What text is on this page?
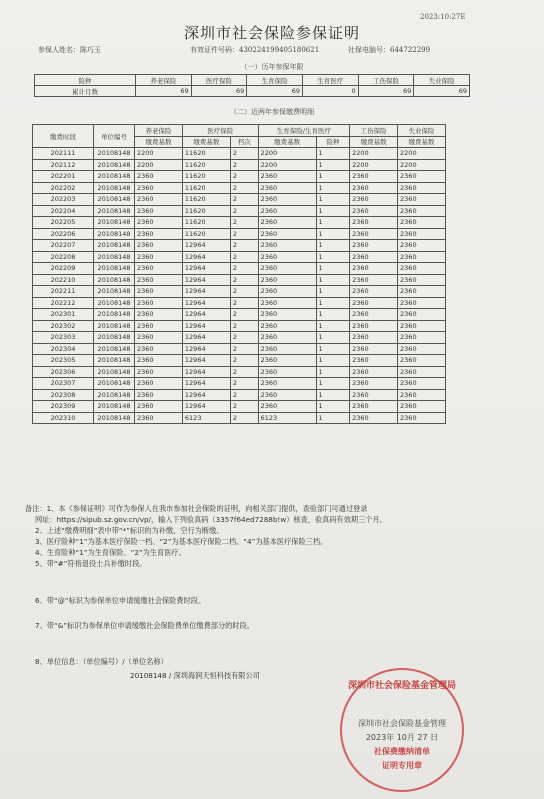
2023:10:27E
深圳市社会保险参保证明
参保人姓名：陈巧玉	有效证件号码：430224199405180621	社保电脑号：644722299
（一）历年参保年限
险种	养老保险	医疗保险	生育保险	生育医疗	工伤保险	失业保险
累计月数	69	69	69	0	69	69
（二）近两年参保缴费明细
缴费时段	单位编号	养老保险	医疗保险		生育保险/生育医疗		工伤保险	失业保险
		缴费基数	缴费基数	档次	缴费基数	险种	缴费基数	缴费基数
202111	20108148	2200	11620	2	2200	1	2200	2200
202112	20108148	2200	11620	2	2200	1	2200	2200
202201	20108148	2360	11620	2	2360	1	2360	2360
202202	20108148	2360	11620	2	2360	1	2360	2360
202203	20108148	2360	11620	2	2360	1	2360	2360
202204	20108148	2360	11620	2	2360	1	2360	2360
202205	20108148	2360	11620	2	2360	1	2360	2360
202206	20108148	2360	11620	2	2360	1	2360	2360
202207	20108148	2360	12964	2	2360	1	2360	2360
202208	20108148	2360	12964	2	2360	1	2360	2360
202209	20108148	2360	12964	2	2360	1	2360	2360
202210	20108148	2360	12964	2	2360	1	2360	2360
202211	20108148	2360	12964	2	2360	1	2360	2360
202212	20108148	2360	12964	2	2360	1	2360	2360
202301	20108148	2360	12964	2	2360	1	2360	2360
202302	20108148	2360	12964	2	2360	1	2360	2360
202303	20108148	2360	12964	2	2360	1	2360	2360
202304	20108148	2360	12964	2	2360	1	2360	2360
202305	20108148	2360	12964	2	2360	1	2360	2360
202306	20108148	2360	12964	2	2360	1	2360	2360
202307	20108148	2360	12964	2	2360	1	2360	2360
202308	20108148	2360	12964	2	2360	1	2360	2360
202309	20108148	2360	12964	2	2360	1	2360	2360
202310	20108148	2360	6123	2	6123	1	2360	2360
备注：1、本《参保证明》可作为参保人在我市参加社会保险的证明，向相关部门提供，查验部门可通过登录
网址：https://sipub.sz.gov.cn/vp/，输入下列验真码（3357f64ed7288b!w）核查，验真码有效期三个月。
2、上述“缴费明细”表中带“*”标识的为补缴，空行为断缴。
3、医疗险种“1”为基本医疗保险一档、“2”为基本医疗保险二档、“4”为基本医疗保险三档。
4、生育险种“1”为生育保险、“2”为生育医疗。
5、带“#”符指退役士兵补缴时段。
6、带“@”标识为参保单位申请缓缴社会保险费时段。
7、带“&”标识为参保单位申请缓缴社会保险费单位缴费部分的时段。
8、单位信息：（单位编号）/（单位名称）
20108148 / 深圳海润天恒科技有限公司
深圳市社会保险基金管理局
深圳市社会保险基金管理
2023年 10月 27 日
社保费缴纳清单
证明专用章
